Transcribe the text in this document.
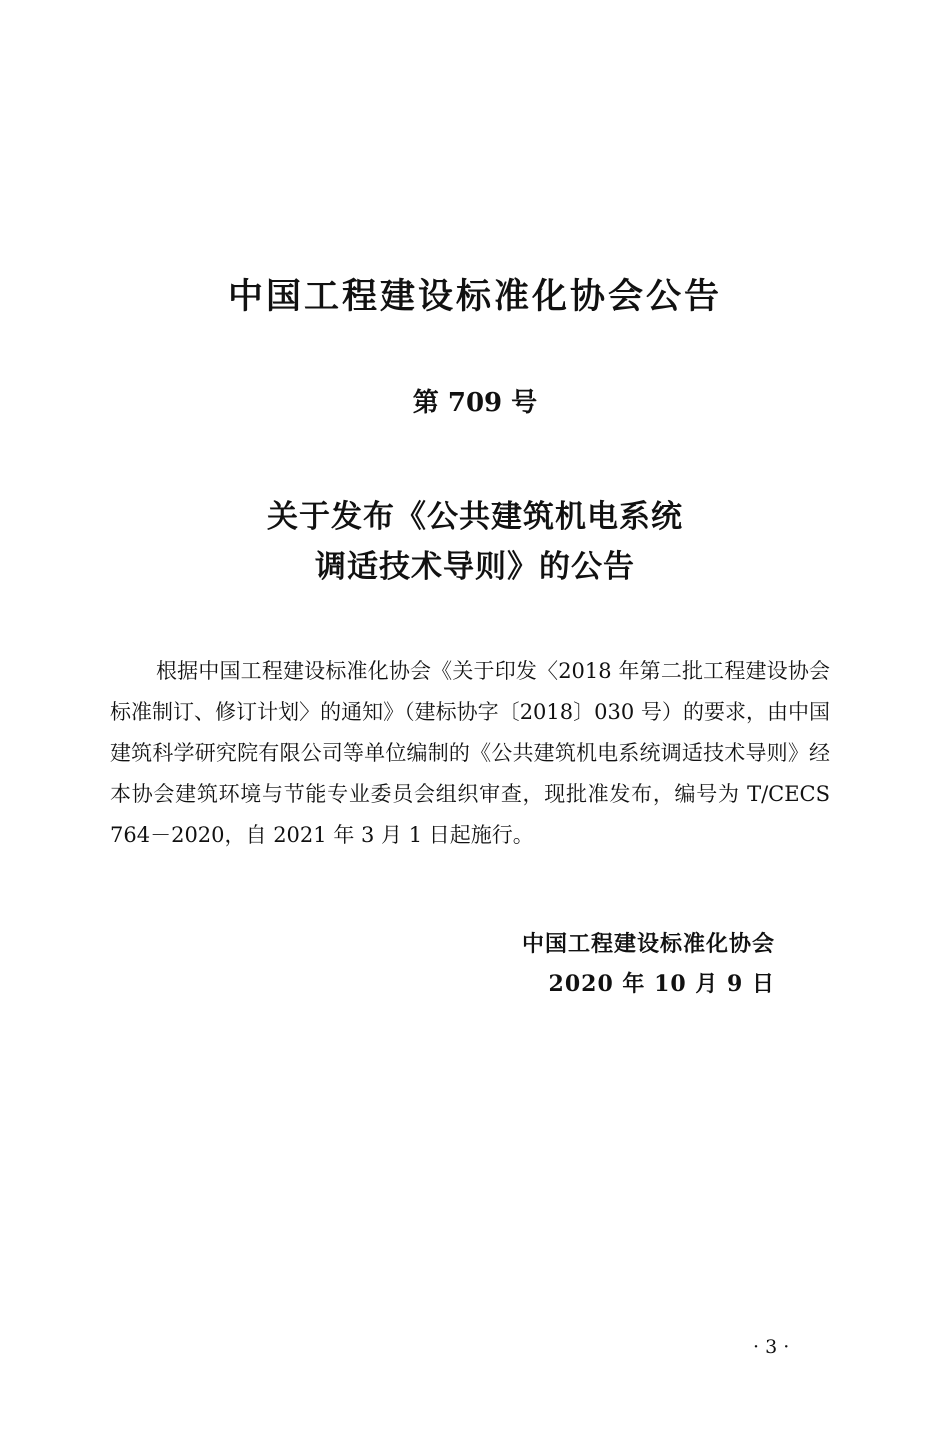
中国工程建设标准化协会公告
第 709 号
关于发布《公共建筑机电系统
调适技术导则》的公告

根据中国工程建设标准化协会《关于印发〈2018 年第二批工程建设协会标准制订、修订计划〉的通知》（建标协字〔2018〕030 号）的要求，由中国建筑科学研究院有限公司等单位编制的《公共建筑机电系统调适技术导则》经本协会建筑环境与节能专业委员会组织审查，现批准发布，编号为 T/CECS 764－2020，自 2021 年 3 月 1 日起施行。

中国工程建设标准化协会
2020 年 10 月 9 日

· 3 ·
